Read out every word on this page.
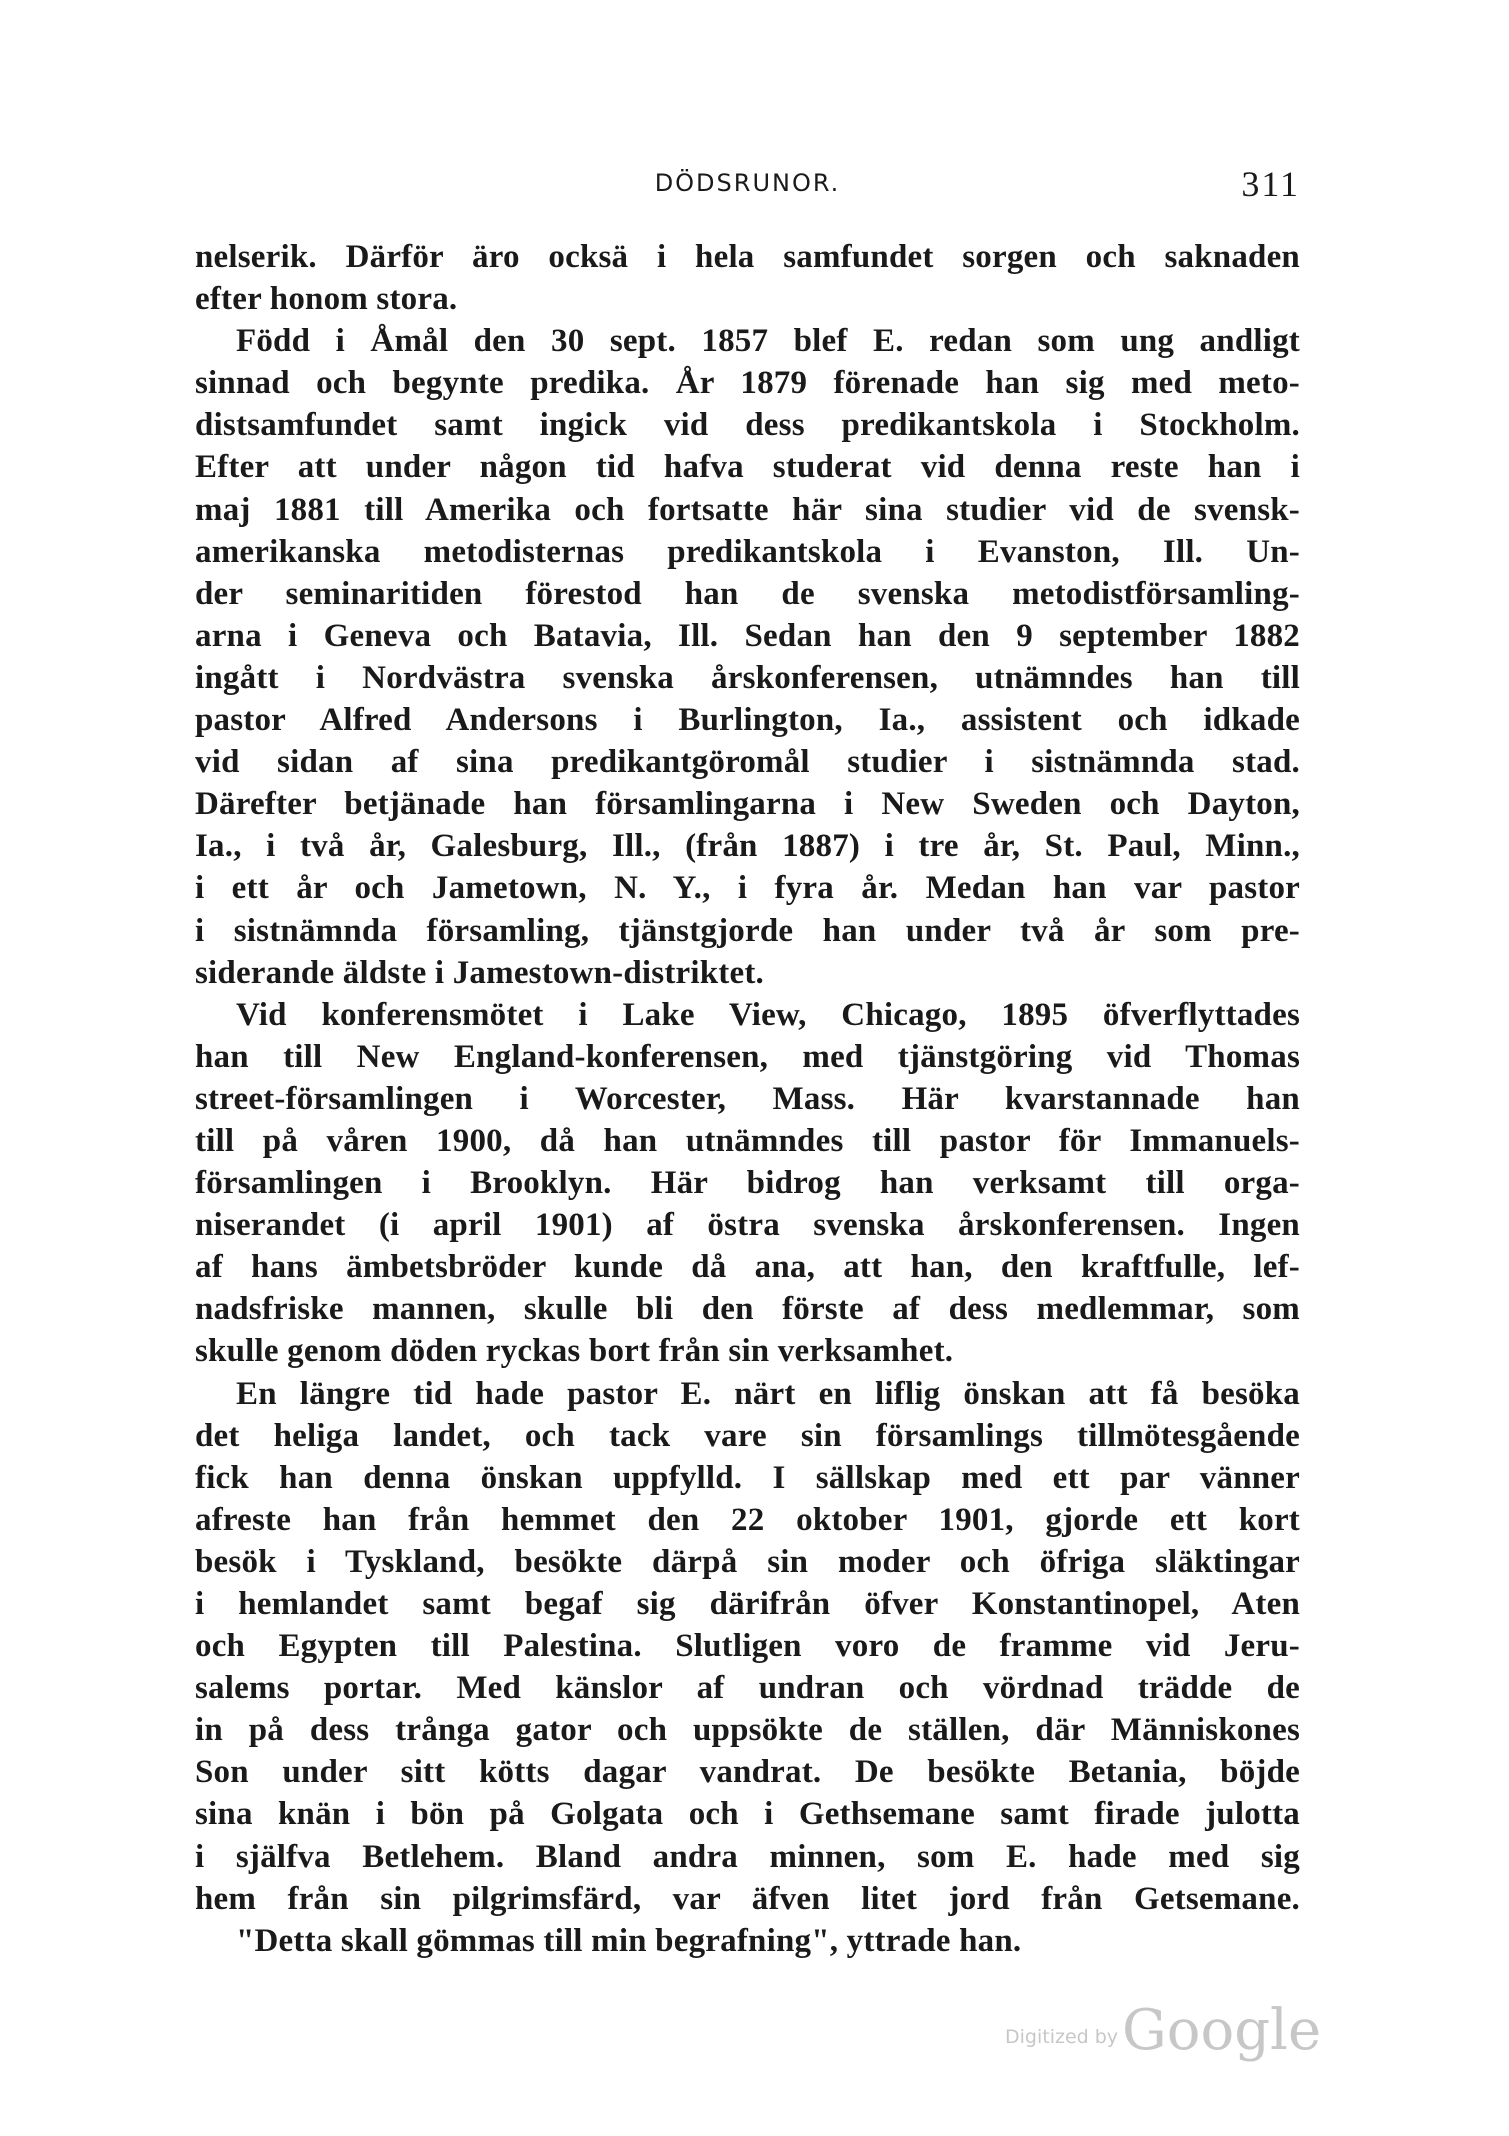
DÖDSRUNOR.	311
nelserik. Därför äro ocksä i hela samfundet sorgen och saknaden
efter honom stora.
Född i Åmål den 30 sept. 1857 blef E. redan som ung andligt
sinnad och begynte predika. År 1879 förenade han sig med meto-
distsamfundet samt ingick vid dess predikantskola i Stockholm.
Efter att under någon tid hafva studerat vid denna reste han i
maj 1881 till Amerika och fortsatte här sina studier vid de svensk-
amerikanska metodisternas predikantskola i Evanston, Ill. Un-
der seminaritiden förestod han de svenska metodistförsamling-
arna i Geneva och Batavia, Ill. Sedan han den 9 september 1882
ingått i Nordvästra svenska årskonferensen, utnämndes han till
pastor Alfred Andersons i Burlington, Ia., assistent och idkade
vid sidan af sina predikantgöromål studier i sistnämnda stad.
Därefter betjänade han församlingarna i New Sweden och Dayton,
Ia., i två år, Galesburg, Ill., (från 1887) i tre år, St. Paul, Minn.,
i ett år och Jametown, N. Y., i fyra år. Medan han var pastor
i sistnämnda församling, tjänstgjorde han under två år som pre-
siderande äldste i Jamestown-distriktet.
Vid konferensmötet i Lake View, Chicago, 1895 öfverflyttades
han till New England-konferensen, med tjänstgöring vid Thomas
street-församlingen i Worcester, Mass. Här kvarstannade han
till på våren 1900, då han utnämndes till pastor för Immanuels-
församlingen i Brooklyn. Här bidrog han verksamt till orga-
niserandet (i april 1901) af östra svenska årskonferensen. Ingen
af hans ämbetsbröder kunde då ana, att han, den kraftfulle, lef-
nadsfriske mannen, skulle bli den förste af dess medlemmar, som
skulle genom döden ryckas bort från sin verksamhet.
En längre tid hade pastor E. närt en liflig önskan att få besöka
det heliga landet, och tack vare sin församlings tillmötesgående
fick han denna önskan uppfylld. I sällskap med ett par vänner
afreste han från hemmet den 22 oktober 1901, gjorde ett kort
besök i Tyskland, besökte därpå sin moder och öfriga släktingar
i hemlandet samt begaf sig därifrån öfver Konstantinopel, Aten
och Egypten till Palestina. Slutligen voro de framme vid Jeru-
salems portar. Med känslor af undran och vördnad trädde de
in på dess trånga gator och uppsökte de ställen, där Människones
Son under sitt kötts dagar vandrat. De besökte Betania, böjde
sina knän i bön på Golgata och i Gethsemane samt firade julotta
i själfva Betlehem. Bland andra minnen, som E. hade med sig
hem från sin pilgrimsfärd, var äfven litet jord från Getsemane.
"Detta skall gömmas till min begrafning", yttrade han.
Digitized by Google
